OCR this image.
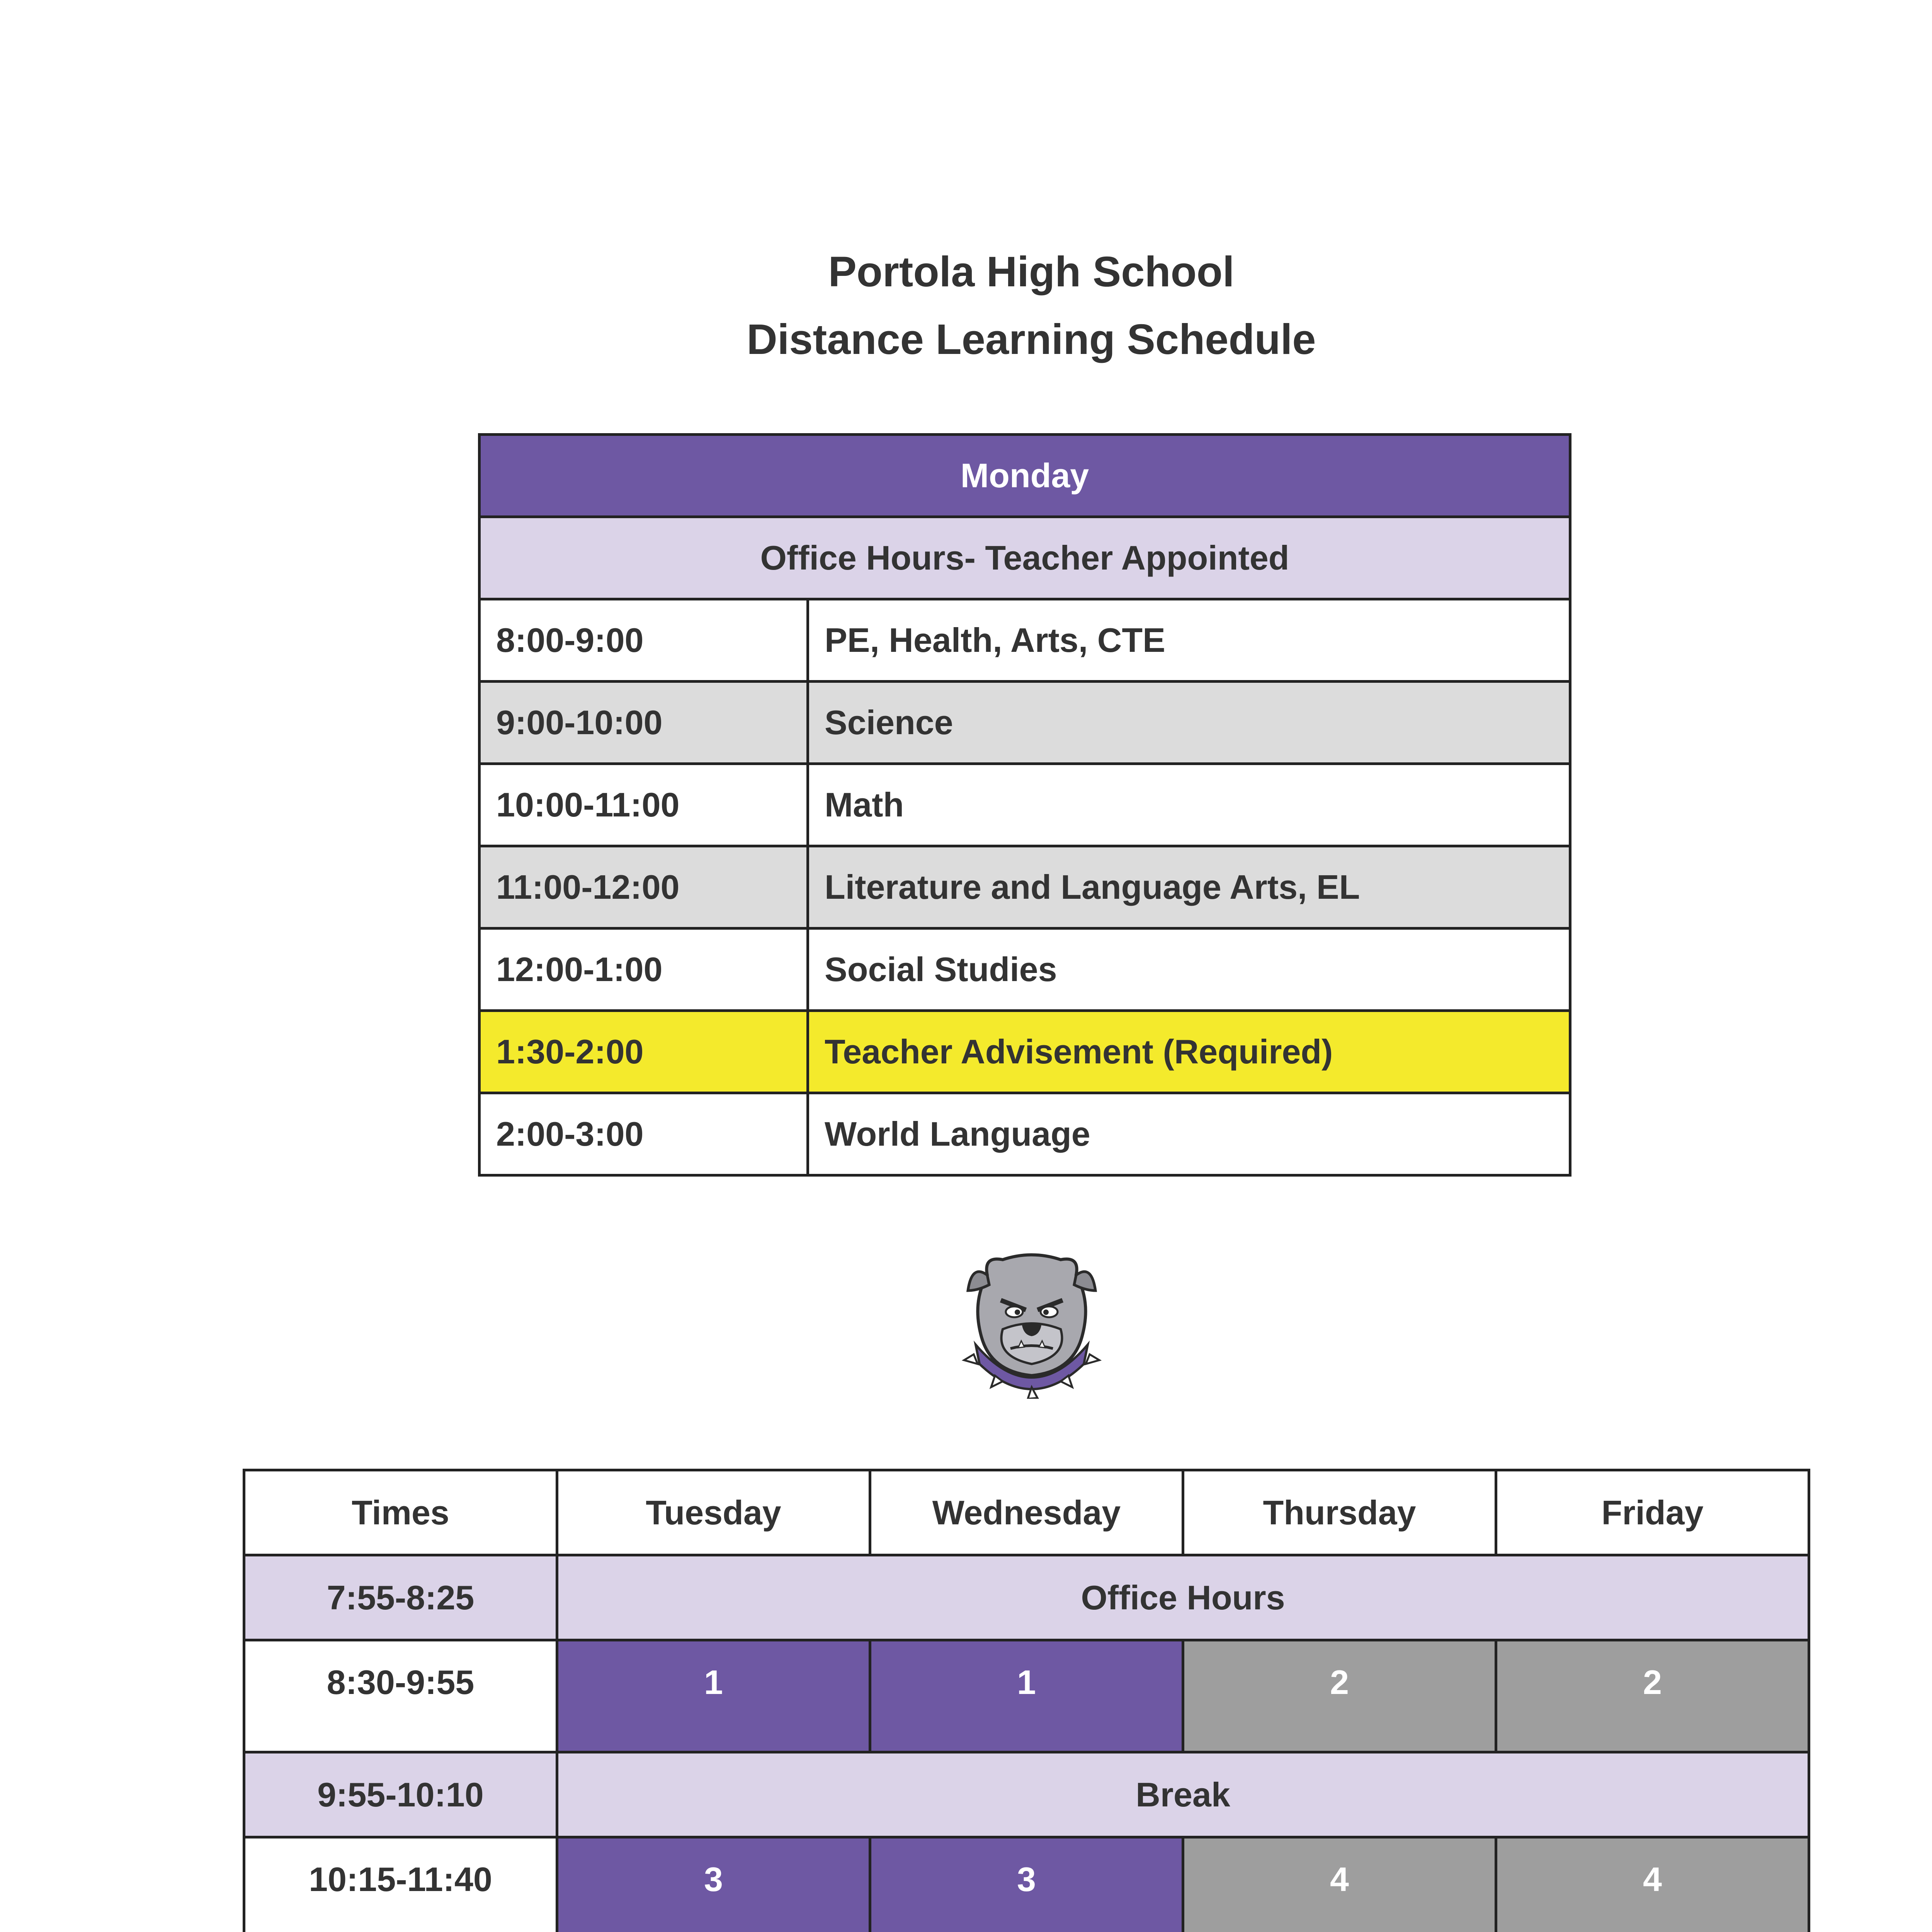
Portola High School
Distance Learning Schedule
Monday	
Office Hours- Teacher Appointed	
8:00-9:00	PE, Health, Arts, CTE
9:00-10:00	Science
10:00-11:00	Math
11:00-12:00	Literature and Language Arts, EL
12:00-1:00	Social Studies
1:30-2:00	Teacher Advisement (Required)
2:00-3:00	World Language
Times	Tuesday	Wednesday	Thursday	Friday
7:55-8:25	Office Hours			
8:30-9:55	1	1	2	2
9:55-10:10	Break			
10:15-11:40	3	3	4	4
